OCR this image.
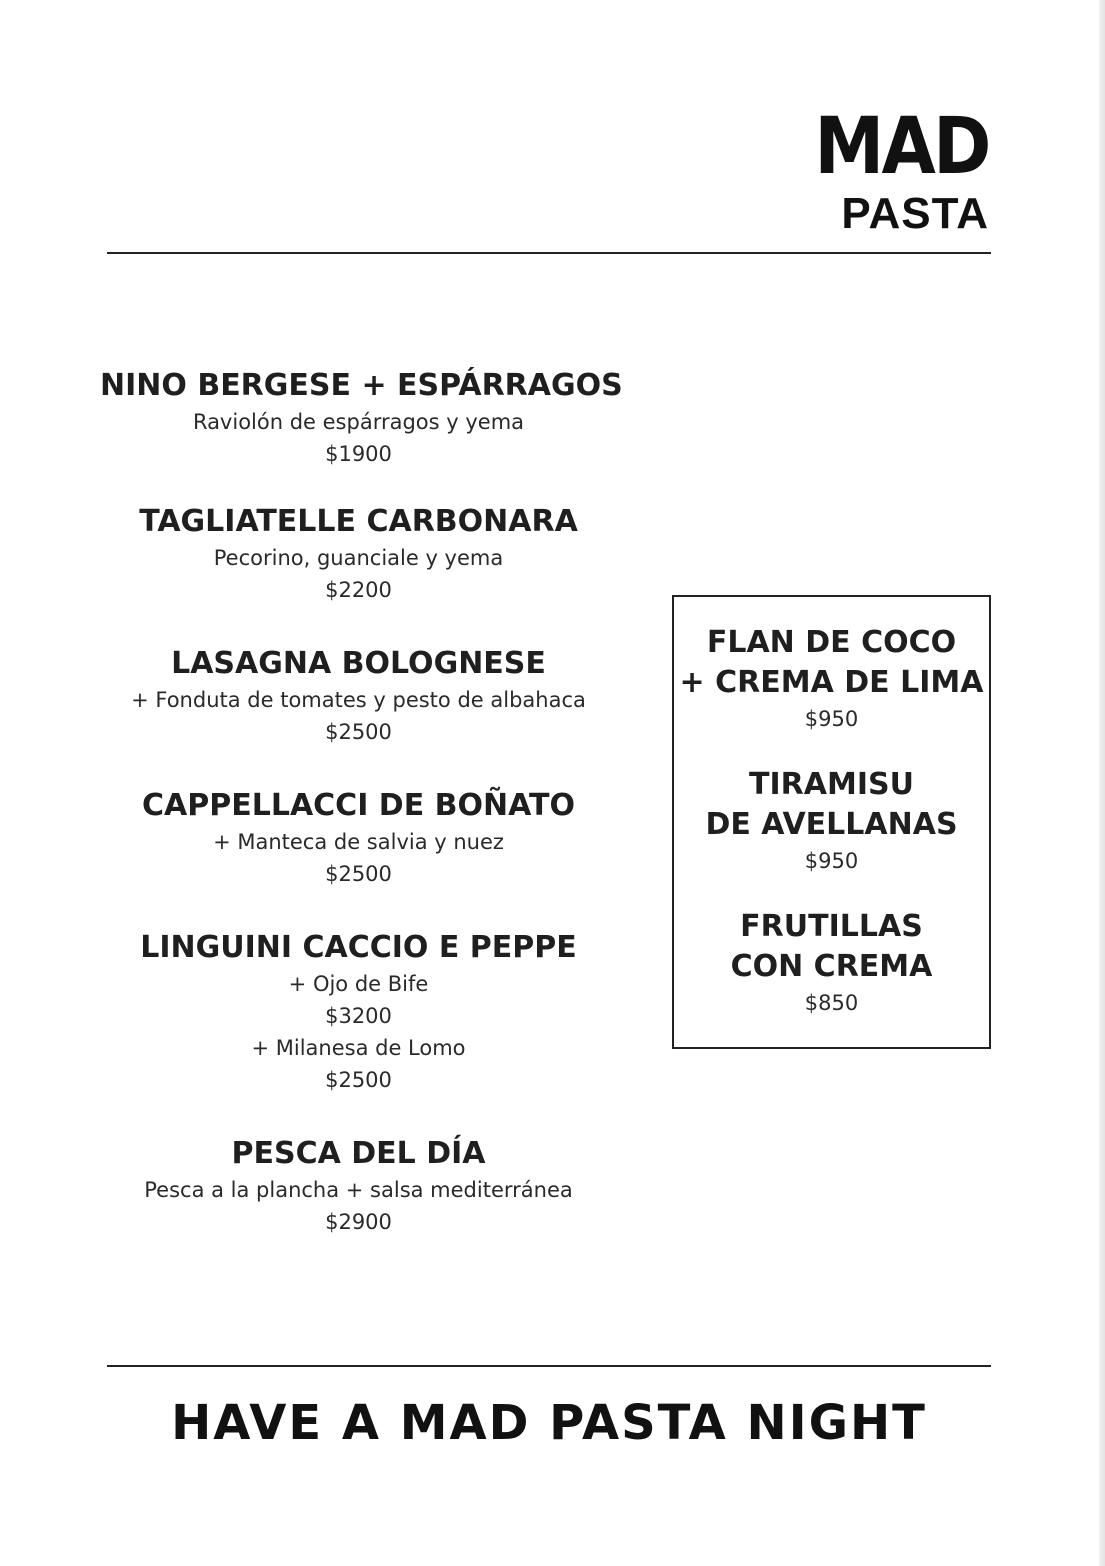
MAD
PASTA
NINO BERGESE + ESPÁRRAGOS
Raviolón de espárragos y yema
$1900
TAGLIATELLE CARBONARA
Pecorino, guanciale y yema
$2200
LASAGNA BOLOGNESE
+ Fonduta de tomates y pesto de albahaca
$2500
CAPPELLACCI DE BOÑATO
+ Manteca de salvia y nuez
$2500
LINGUINI CACCIO E PEPPE
+ Ojo de Bife
$3200
+ Milanesa de Lomo
$2500
PESCA DEL DÍA
Pesca a la plancha + salsa mediterránea
$2900
FLAN DE COCO
+ CREMA DE LIMA
$950
TIRAMISU
DE AVELLANAS
$950
FRUTILLAS
CON CREMA
$850
HAVE A MAD PASTA NIGHT
